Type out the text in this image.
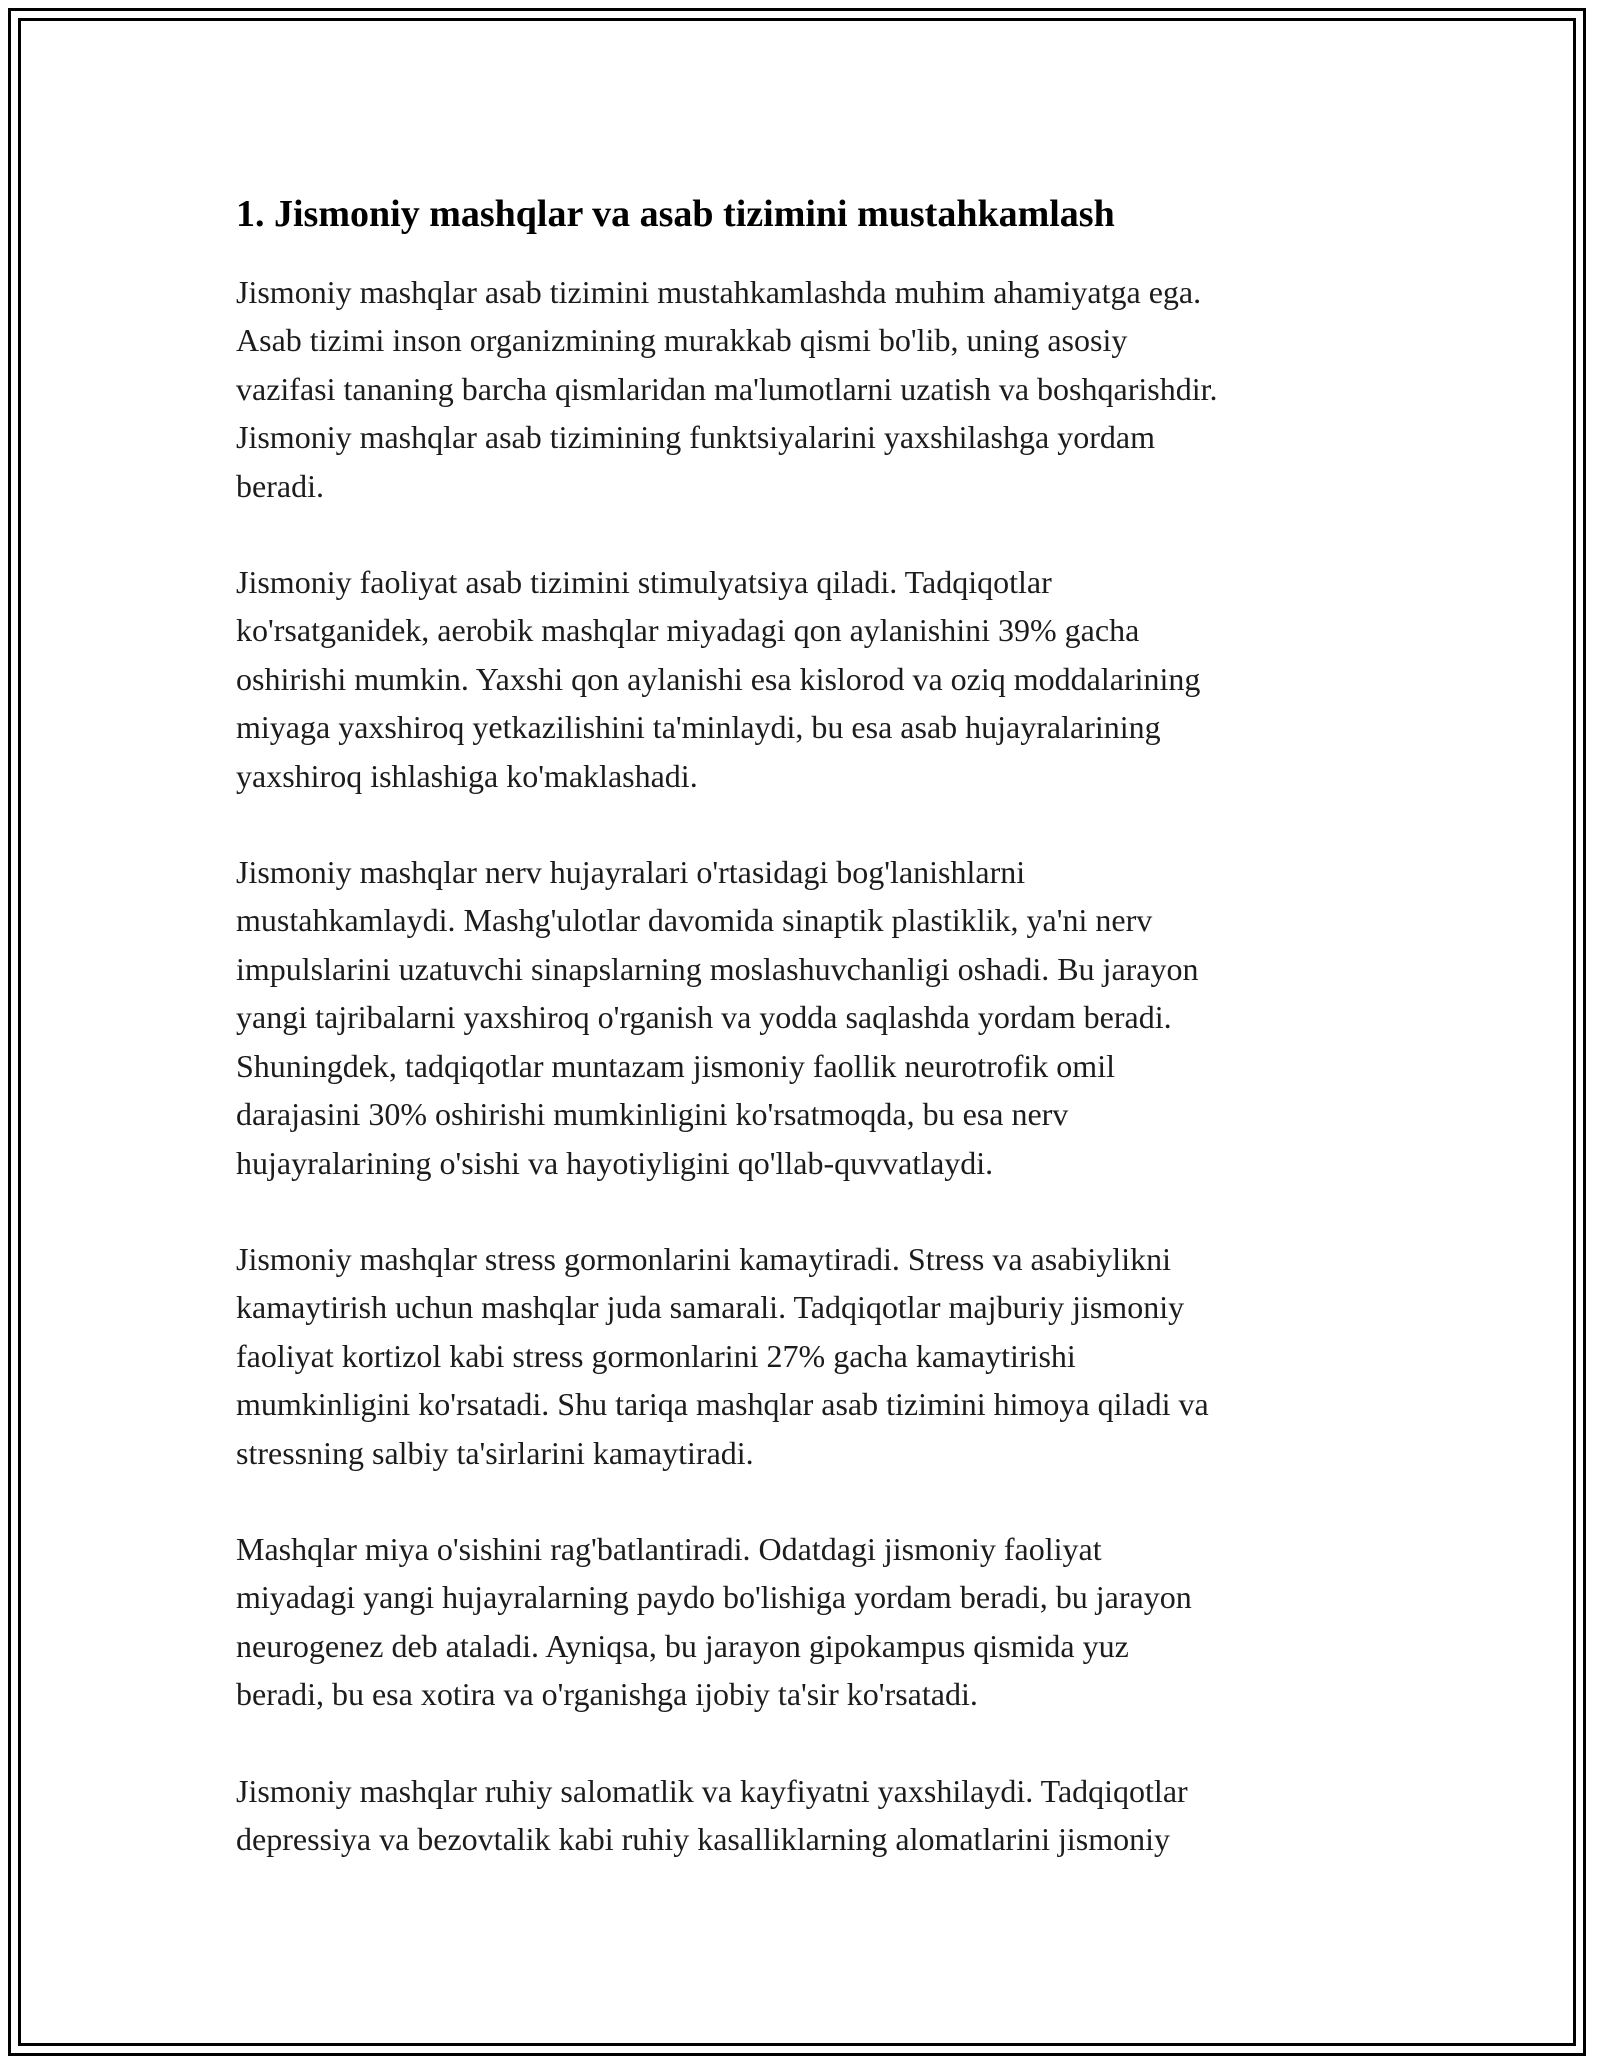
1. Jismoniy mashqlar va asab tizimini mustahkamlash

Jismoniy mashqlar asab tizimini mustahkamlashda muhim ahamiyatga ega.
Asab tizimi inson organizmining murakkab qismi bo'lib, uning asosiy
vazifasi tananing barcha qismlaridan ma'lumotlarni uzatish va boshqarishdir.
Jismoniy mashqlar asab tizimining funktsiyalarini yaxshilashga yordam
beradi.

Jismoniy faoliyat asab tizimini stimulyatsiya qiladi. Tadqiqotlar
ko'rsatganidek, aerobik mashqlar miyadagi qon aylanishini 39% gacha
oshirishi mumkin. Yaxshi qon aylanishi esa kislorod va oziq moddalarining
miyaga yaxshiroq yetkazilishini ta'minlaydi, bu esa asab hujayralarining
yaxshiroq ishlashiga ko'maklashadi.

Jismoniy mashqlar nerv hujayralari o'rtasidagi bog'lanishlarni
mustahkamlaydi. Mashg'ulotlar davomida sinaptik plastiklik, ya'ni nerv
impulslarini uzatuvchi sinapslarning moslashuvchanligi oshadi. Bu jarayon
yangi tajribalarni yaxshiroq o'rganish va yodda saqlashda yordam beradi.
Shuningdek, tadqiqotlar muntazam jismoniy faollik neurotrofik omil
darajasini 30% oshirishi mumkinligini ko'rsatmoqda, bu esa nerv
hujayralarining o'sishi va hayotiyligini qo'llab-quvvatlaydi.

Jismoniy mashqlar stress gormonlarini kamaytiradi. Stress va asabiylikni
kamaytirish uchun mashqlar juda samarali. Tadqiqotlar majburiy jismoniy
faoliyat kortizol kabi stress gormonlarini 27% gacha kamaytirishi
mumkinligini ko'rsatadi. Shu tariqa mashqlar asab tizimini himoya qiladi va
stressning salbiy ta'sirlarini kamaytiradi.

Mashqlar miya o'sishini rag'batlantiradi. Odatdagi jismoniy faoliyat
miyadagi yangi hujayralarning paydo bo'lishiga yordam beradi, bu jarayon
neurogenez deb ataladi. Ayniqsa, bu jarayon gipokampus qismida yuz
beradi, bu esa xotira va o'rganishga ijobiy ta'sir ko'rsatadi.

Jismoniy mashqlar ruhiy salomatlik va kayfiyatni yaxshilaydi. Tadqiqotlar
depressiya va bezovtalik kabi ruhiy kasalliklarning alomatlarini jismoniy
